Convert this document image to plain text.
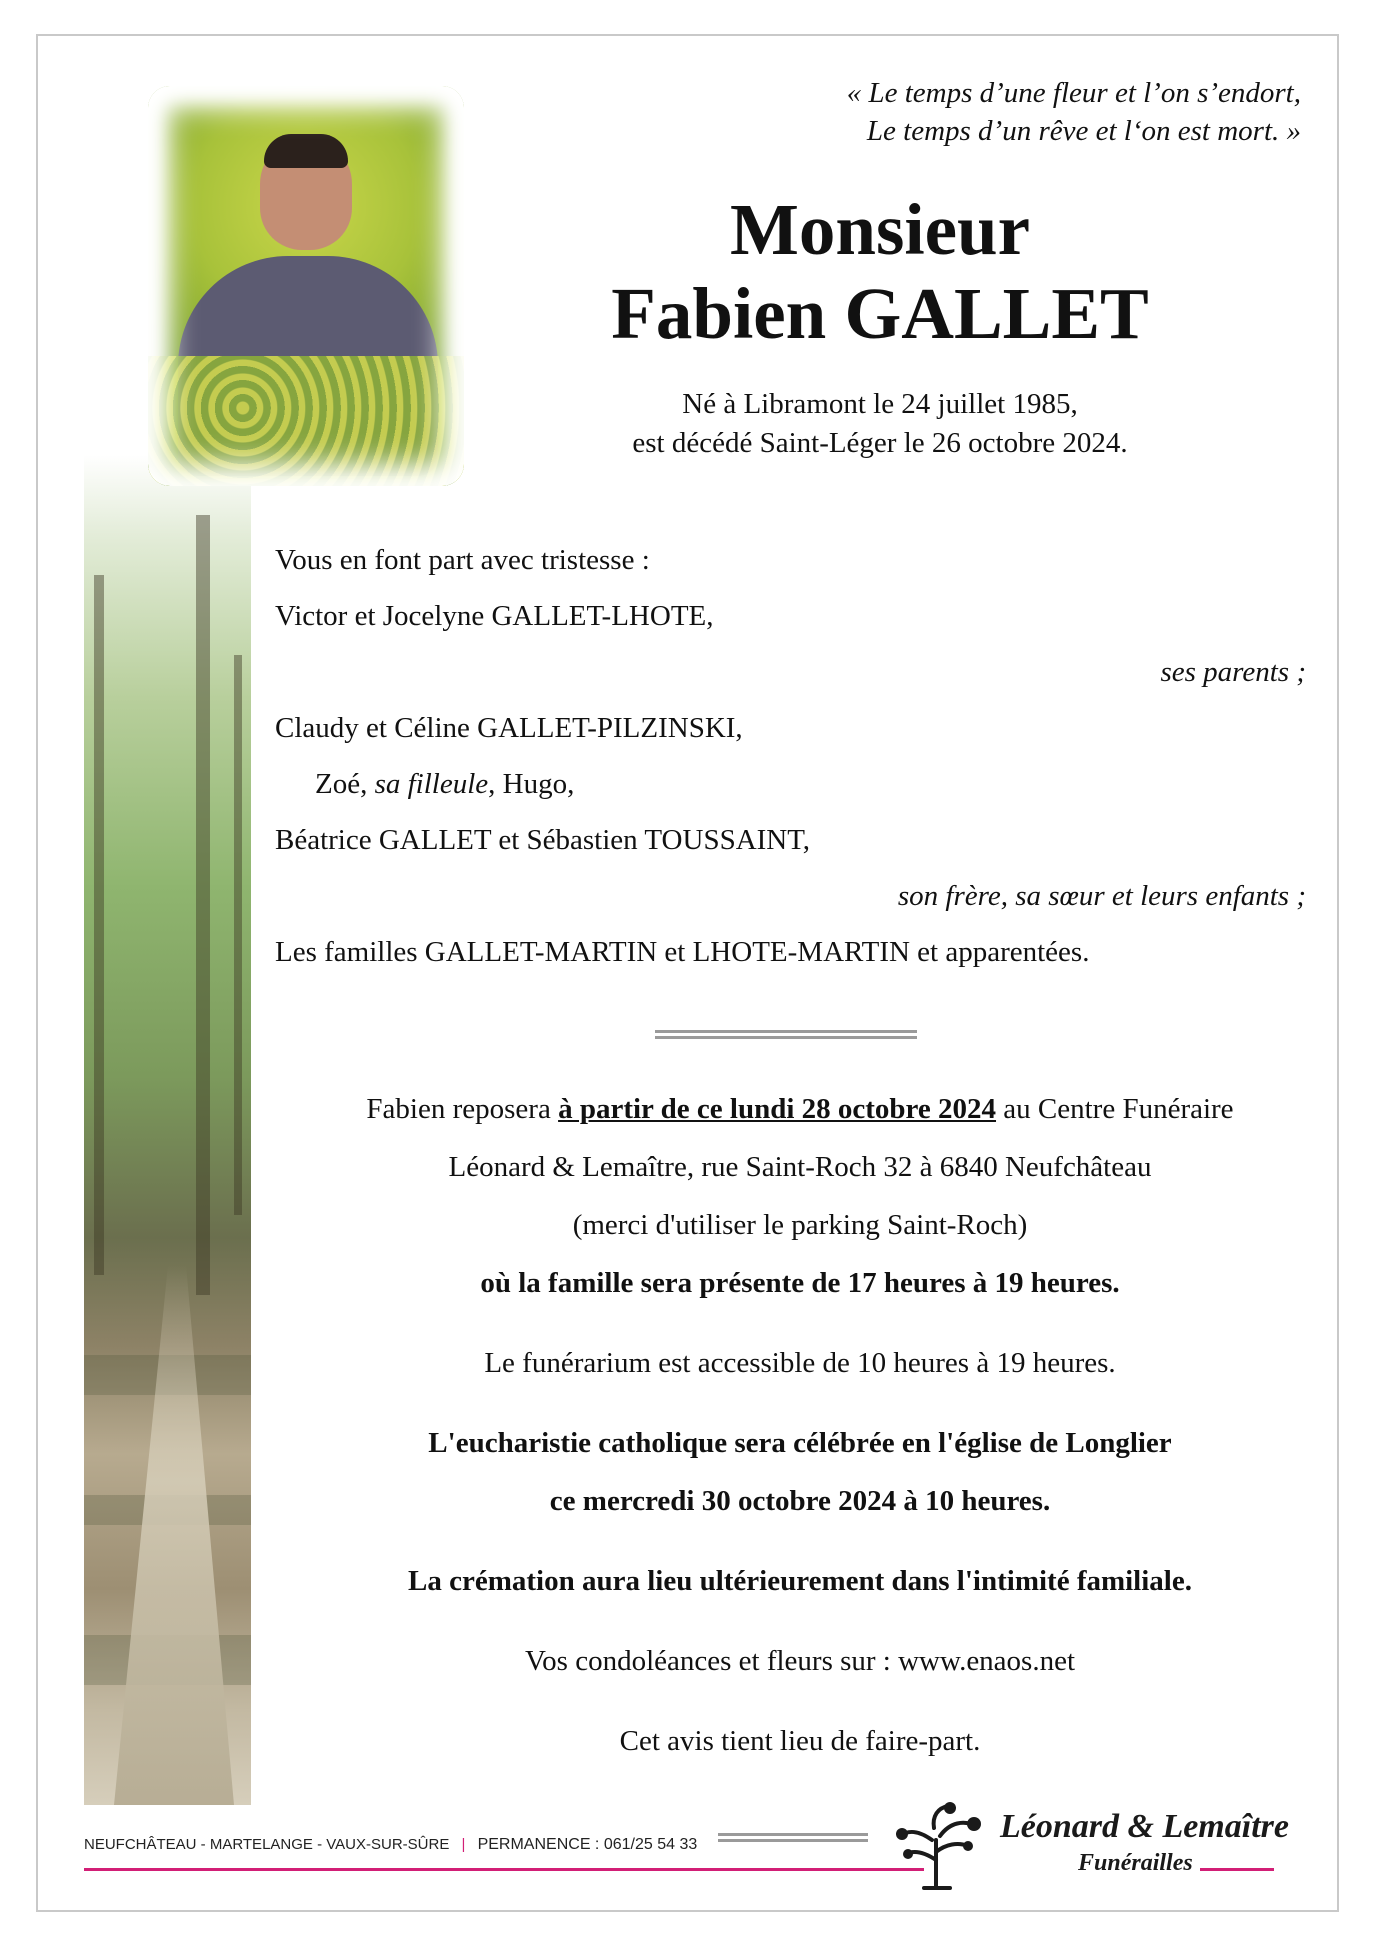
« Le temps d’une fleur et l’on s’endort,
Le temps d’un rêve et l‘on est mort. »
Monsieur
Fabien GALLET
Né à Libramont le 24 juillet 1985,
est décédé Saint-Léger le 26 octobre 2024.
Vous en font part avec tristesse :
Victor et Jocelyne GALLET-LHOTE,
ses parents ;
Claudy et Céline GALLET-PILZINSKI,
Zoé, sa filleule, Hugo,
Béatrice GALLET et Sébastien TOUSSAINT,
son frère, sa sœur et leurs enfants ;
Les familles GALLET-MARTIN et LHOTE-MARTIN et apparentées.
Fabien reposera à partir de ce lundi 28 octobre 2024 au Centre Funéraire
Léonard & Lemaître, rue Saint-Roch 32 à 6840 Neufchâteau
(merci d'utiliser le parking Saint-Roch)
où la famille sera présente de 17 heures à 19 heures.
Le funérarium est accessible de 10 heures à 19 heures.
L'eucharistie catholique sera célébrée en l'église de Longlier
ce mercredi 30 octobre 2024 à 10 heures.
La crémation aura lieu ultérieurement dans l'intimité familiale.
Vos condoléances et fleurs sur : www.enaos.net
Cet avis tient lieu de faire-part.
NEUFCHÂTEAU - MARTELANGE - VAUX-SUR-SÛRE | PERMANENCE : 061/25 54 33	Léonard & Lemaître
Funérailles
